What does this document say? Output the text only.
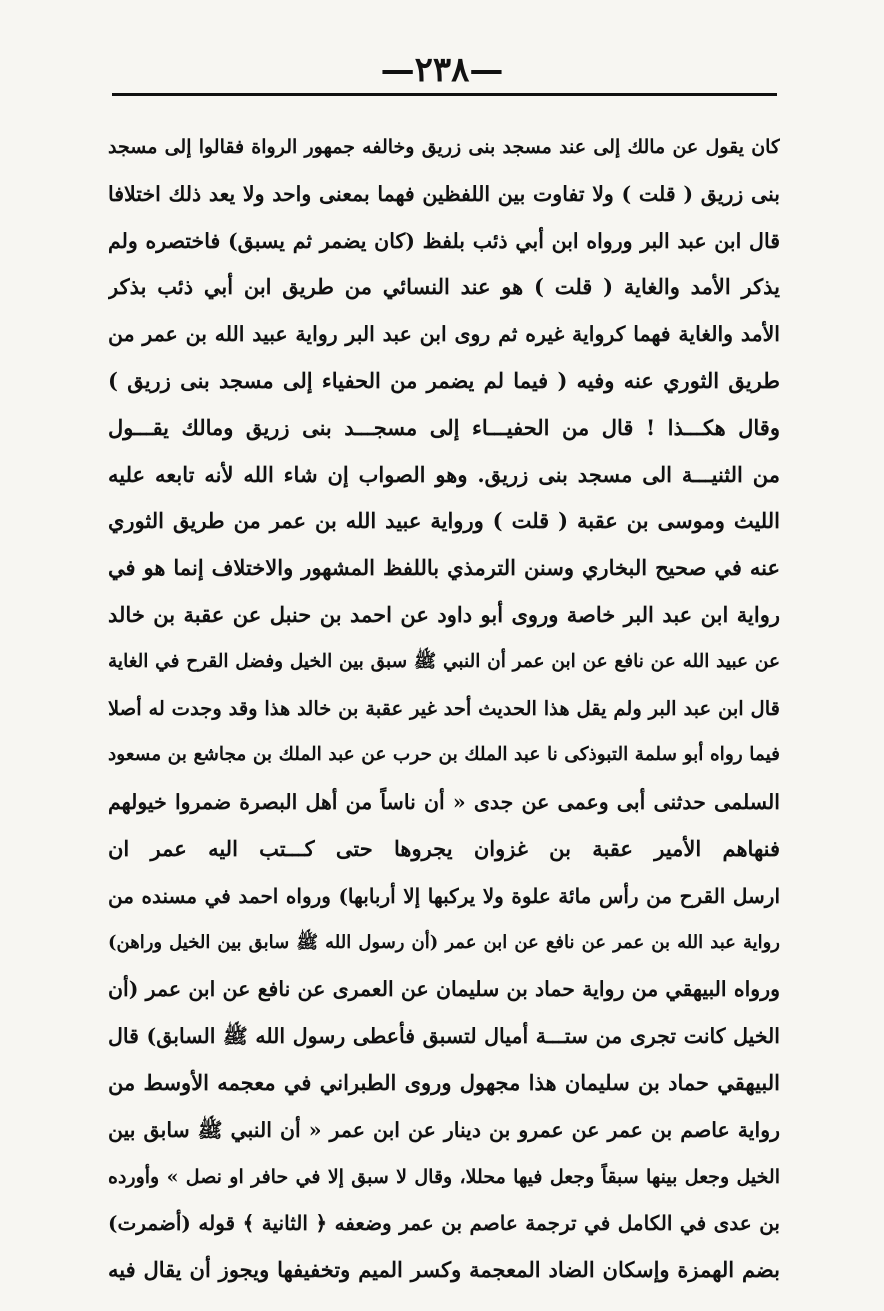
—٢٣٨—
كان يقول عن مالك إلى عند مسجد بنى زريق وخالفه جمهور الرواة فقالوا إلى مسجد
بنى زريق ( قلت ) ولا تفاوت بين اللفظين فهما بمعنى واحد ولا يعد ذلك اختلافا
قال ابن عبد البر ورواه ابن أبي ذئب بلفظ (كان يضمر ثم يسبق) فاختصره ولم
يذكر الأمد والغاية ( قلت ) هو عند النسائي من طريق ابن أبي ذئب بذكر
الأمد والغاية فهما كرواية غيره ثم روى ابن عبد البر رواية عبيد الله بن عمر من
طريق الثوري عنه وفيه ( فيما لم يضمر من الحفياء إلى مسجد بنى زريق )
وقال هكـــذا ! قال من الحفيـــاء إلى مسجـــد بنى زريق ومالك يقـــول
من الثنيـــة الى مسجد بنى زريق. وهو الصواب إن شاء الله لأنه تابعه عليه
الليث وموسى بن عقبة ( قلت ) ورواية عبيد الله بن عمر من طريق الثوري
عنه في صحيح البخاري وسنن الترمذي باللفظ المشهور والاختلاف إنما هو في
رواية ابن عبد البر خاصة وروى أبو داود عن احمد بن حنبل عن عقبة بن خالد
عن عبيد الله عن نافع عن ابن عمر أن النبي ﷺ سبق بين الخيل وفضل القرح في الغاية
قال ابن عبد البر ولم يقل هذا الحديث أحد غير عقبة بن خالد هذا وقد وجدت له أصلا
فيما رواه أبو سلمة التبوذكى نا عبد الملك بن حرب عن عبد الملك بن مجاشع بن مسعود
السلمى حدثنى أبى وعمى عن جدى « أن ناساً من أهل البصرة ضمروا خيولهم
فنهاهم الأمير عقبة بن غزوان يجروها حتى كـــتب اليه عمر ان
ارسل القرح من رأس مائة علوة ولا يركبها إلا أربابها) ورواه احمد في مسنده من
رواية عبد الله بن عمر عن نافع عن ابن عمر (أن رسول الله ﷺ سابق بين الخيل وراهن)
ورواه البيهقي من رواية حماد بن سليمان عن العمرى عن نافع عن ابن عمر (أن
الخيل كانت تجرى من ستـــة أميال لتسبق فأعطى رسول الله ﷺ السابق) قال
البيهقي حماد بن سليمان هذا مجهول وروى الطبراني في معجمه الأوسط من
رواية عاصم بن عمر عن عمرو بن دينار عن ابن عمر « أن النبي ﷺ سابق بين
الخيل وجعل بينها سبقاً وجعل فيها محللا، وقال لا سبق إلا في حافر او نصل » وأورده
بن عدى في الكامل في ترجمة عاصم بن عمر وضعفه ﴿ الثانية ﴾ قوله (أضمرت)
بضم الهمزة وإسكان الضاد المعجمة وكسر الميم وتخفيفها ويجوز أن يقال فيه
